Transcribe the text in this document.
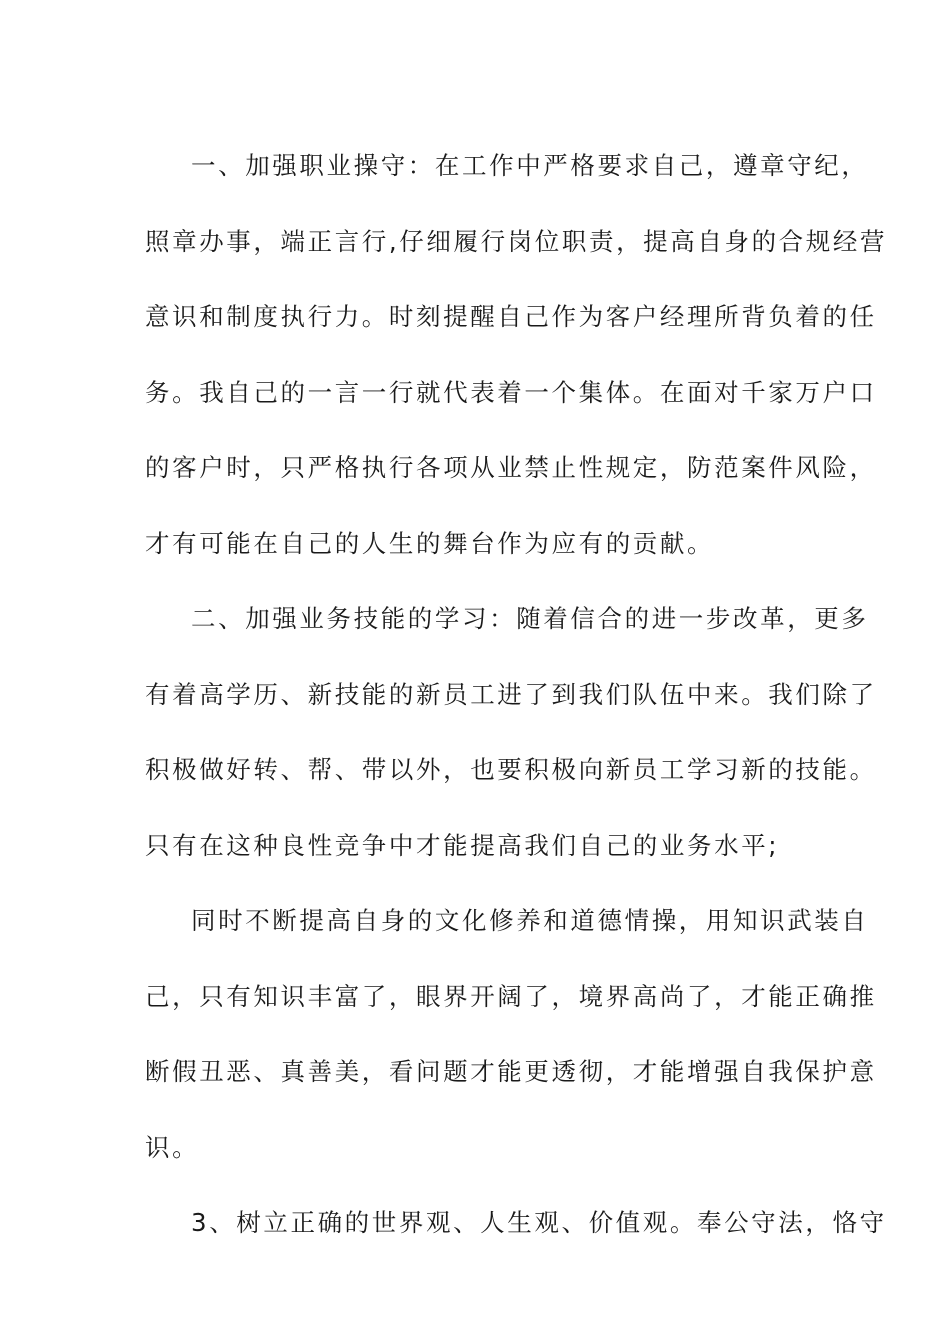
一、加强职业操守：在工作中严格要求自己，遵章守纪，
照章办事，端正言行,仔细履行岗位职责，提高自身的合规经营
意识和制度执行力。时刻提醒自己作为客户经理所背负着的任
务。我自己的一言一行就代表着一个集体。在面对千家万户口
的客户时，只严格执行各项从业禁止性规定，防范案件风险，
才有可能在自己的人生的舞台作为应有的贡献。
二、加强业务技能的学习：随着信合的进一步改革，更多
有着高学历、新技能的新员工进了到我们队伍中来。我们除了
积极做好转、帮、带以外，也要积极向新员工学习新的技能。
只有在这种良性竞争中才能提高我们自己的业务水平;
同时不断提高自身的文化修养和道德情操，用知识武装自
己，只有知识丰富了，眼界开阔了，境界高尚了，才能正确推
断假丑恶、真善美，看问题才能更透彻，才能增强自我保护意
识。
3、树立正确的世界观、人生观、价值观。奉公守法，恪守
